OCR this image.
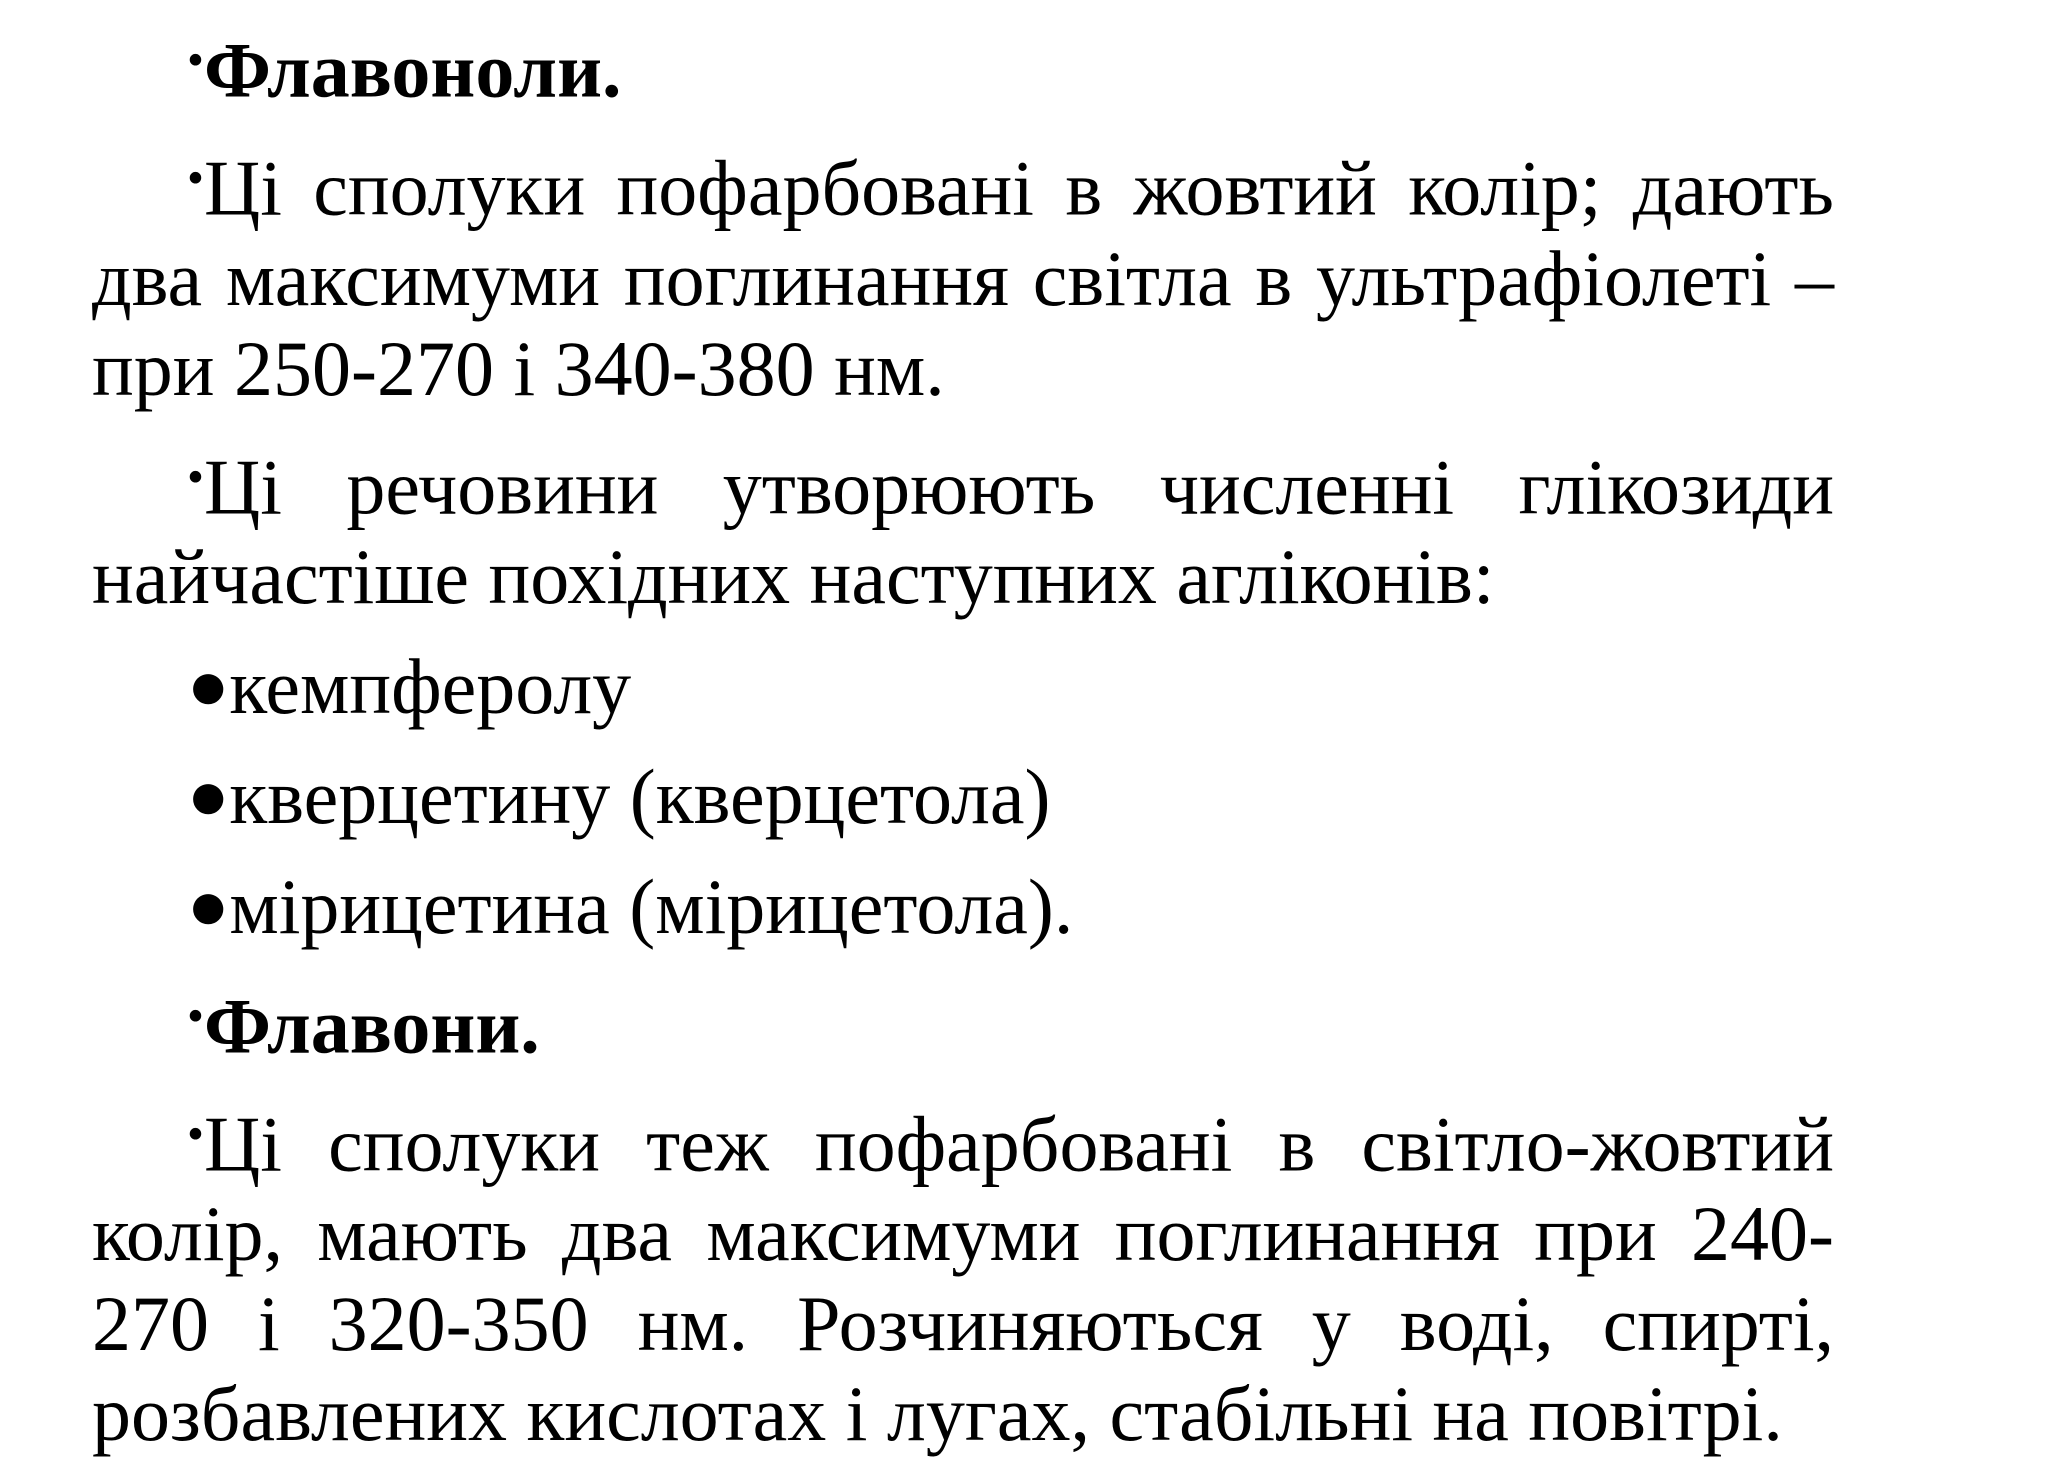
•Флавоноли.

•Ці сполуки пофарбовані в жовтий колір; дають два максимуми поглинання світла в ультрафіолеті – при 250-270 і 340-380 нм.

•Ці речовини утворюють численні глікозиди найчастіше похідних наступних агліконів:

●кемпферолу

●кверцетину (кверцетола)

●мірицетина (мірицетола).

•Флавони.

•Ці сполуки теж пофарбовані в світло-жовтий колір, мають два максимуми поглинання при 240-270 і 320-350 нм. Розчиняються у воді, спирті, розбавлених кислотах і лугах, стабільні на повітрі.
